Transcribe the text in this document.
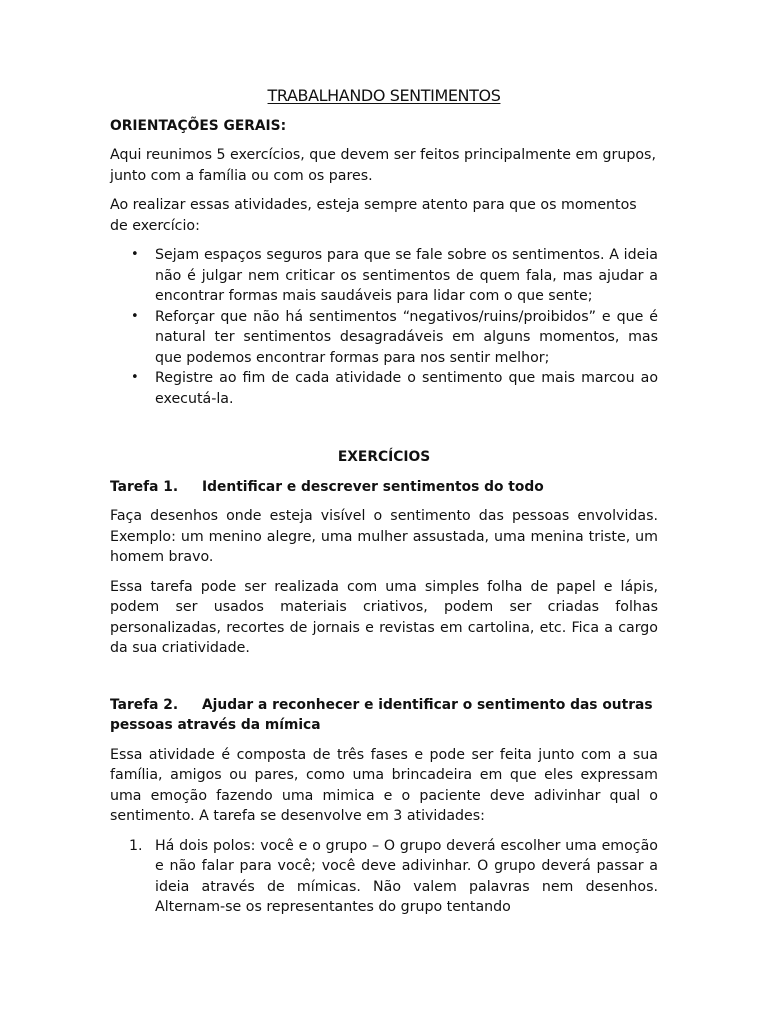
TRABALHANDO SENTIMENTOS
ORIENTAÇÕES GERAIS:

Aqui reunimos 5 exercícios, que devem ser feitos principalmente em grupos, junto com a família ou com os pares.

Ao realizar essas atividades, esteja sempre atento para que os momentos de exercício:

• Sejam espaços seguros para que se fale sobre os sentimentos. A ideia não é julgar nem criticar os sentimentos de quem fala, mas ajudar a encontrar formas mais saudáveis para lidar com o que sente;
• Reforçar que não há sentimentos “negativos/ruins/proibidos” e que é natural ter sentimentos desagradáveis em alguns momentos, mas que podemos encontrar formas para nos sentir melhor;
• Registre ao fim de cada atividade o sentimento que mais marcou ao executá-la.
EXERCÍCIOS
Tarefa 1. Identificar e descrever sentimentos do todo

Faça desenhos onde esteja visível o sentimento das pessoas envolvidas. Exemplo: um menino alegre, uma mulher assustada, uma menina triste, um homem bravo.

Essa tarefa pode ser realizada com uma simples folha de papel e lápis, podem ser usados materiais criativos, podem ser criadas folhas personalizadas, recortes de jornais e revistas em cartolina, etc. Fica a cargo da sua criatividade.

Tarefa 2. Ajudar a reconhecer e identificar o sentimento das outras pessoas através da mímica

Essa atividade é composta de três fases e pode ser feita junto com a sua família, amigos ou pares, como uma brincadeira em que eles expressam uma emoção fazendo uma mimica e o paciente deve adivinhar qual o sentimento. A tarefa se desenvolve em 3 atividades:

1. Há dois polos: você e o grupo – O grupo deverá escolher uma emoção e não falar para você; você deve adivinhar. O grupo deverá passar a ideia através de mímicas. Não valem palavras nem desenhos. Alternam-se os representantes do grupo tentando
